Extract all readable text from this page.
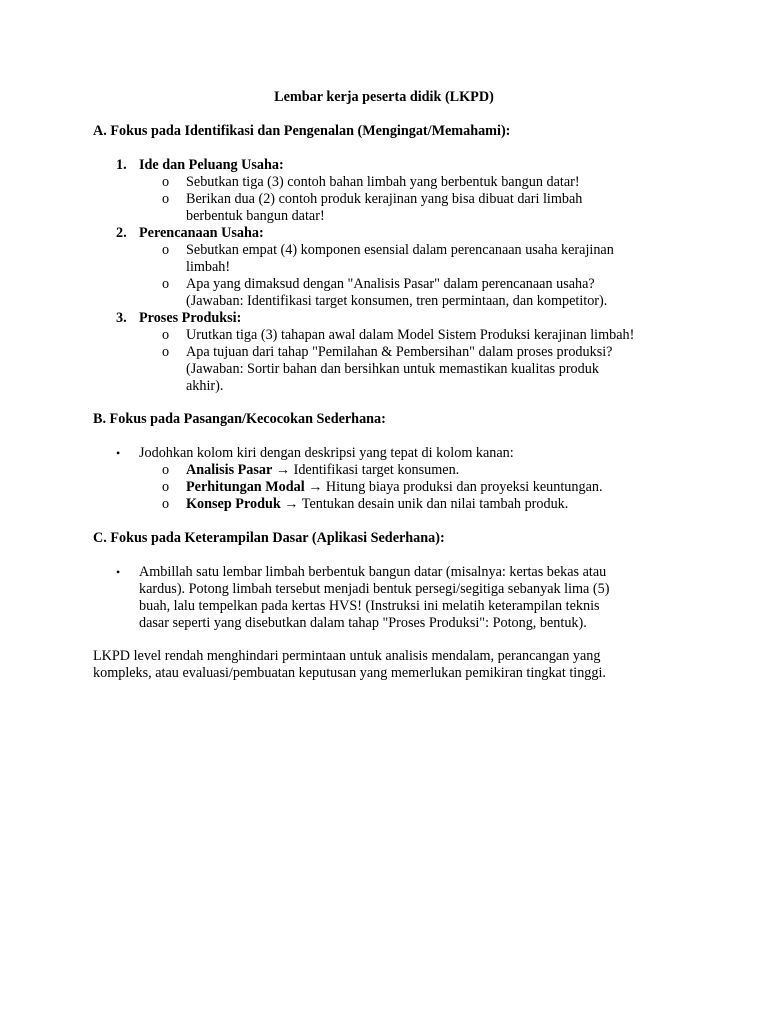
Lembar kerja peserta didik (LKPD)
A. Fokus pada Identifikasi dan Pengenalan (Mengingat/Memahami):
1. Ide dan Peluang Usaha:
o Sebutkan tiga (3) contoh bahan limbah yang berbentuk bangun datar!
o Berikan dua (2) contoh produk kerajinan yang bisa dibuat dari limbah
berbentuk bangun datar!
2. Perencanaan Usaha:
o Sebutkan empat (4) komponen esensial dalam perencanaan usaha kerajinan
limbah!
o Apa yang dimaksud dengan "Analisis Pasar" dalam perencanaan usaha?
(Jawaban: Identifikasi target konsumen, tren permintaan, dan kompetitor).
3. Proses Produksi:
o Urutkan tiga (3) tahapan awal dalam Model Sistem Produksi kerajinan limbah!
o Apa tujuan dari tahap "Pemilahan & Pembersihan" dalam proses produksi?
(Jawaban: Sortir bahan dan bersihkan untuk memastikan kualitas produk
akhir).
B. Fokus pada Pasangan/Kecocokan Sederhana:
• Jodohkan kolom kiri dengan deskripsi yang tepat di kolom kanan:
o Analisis Pasar → Identifikasi target konsumen.
o Perhitungan Modal → Hitung biaya produksi dan proyeksi keuntungan.
o Konsep Produk → Tentukan desain unik dan nilai tambah produk.
C. Fokus pada Keterampilan Dasar (Aplikasi Sederhana):
• Ambillah satu lembar limbah berbentuk bangun datar (misalnya: kertas bekas atau
kardus). Potong limbah tersebut menjadi bentuk persegi/segitiga sebanyak lima (5)
buah, lalu tempelkan pada kertas HVS! (Instruksi ini melatih keterampilan teknis
dasar seperti yang disebutkan dalam tahap "Proses Produksi": Potong, bentuk).
LKPD level rendah menghindari permintaan untuk analisis mendalam, perancangan yang
kompleks, atau evaluasi/pembuatan keputusan yang memerlukan pemikiran tingkat tinggi.
